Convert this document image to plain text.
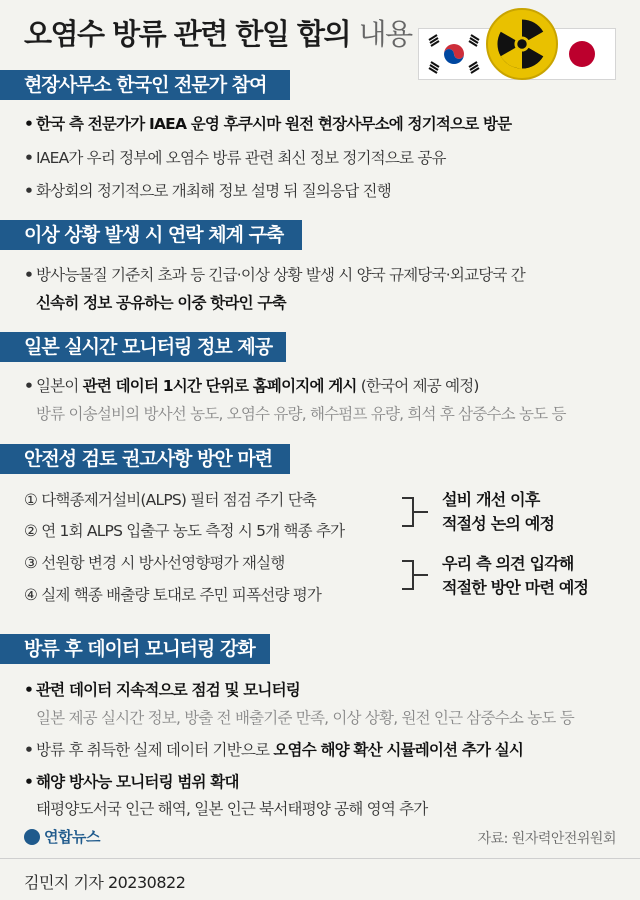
오염수 방류 관련 한일 합의 내용
현장사무소 한국인 전문가 참여
• 한국 측 전문가가 IAEA 운영 후쿠시마 원전 현장사무소에 정기적으로 방문
• IAEA가 우리 정부에 오염수 방류 관련 최신 정보 정기적으로 공유
• 화상회의 정기적으로 개최해 정보 설명 뒤 질의응답 진행
이상 상황 발생 시 연락 체계 구축
• 방사능물질 기준치 초과 등 긴급·이상 상황 발생 시 양국 규제당국·외교당국 간
신속히 정보 공유하는 이중 핫라인 구축
일본 실시간 모니터링 정보 제공
• 일본이 관련 데이터 1시간 단위로 홈페이지에 게시 (한국어 제공 예정)
방류 이송설비의 방사선 농도, 오염수 유량, 해수펌프 유량, 희석 후 삼중수소 농도 등
안전성 검토 권고사항 방안 마련
① 다핵종제거설비(ALPS) 필터 점검 주기 단축
② 연 1회 ALPS 입출구 농도 측정 시 5개 핵종 추가
③ 선원항 변경 시 방사선영향평가 재실행
④ 실제 핵종 배출량 토대로 주민 피폭선량 평가
설비 개선 이후
적절성 논의 예정
우리 측 의견 입각해
적절한 방안 마련 예정
방류 후 데이터 모니터링 강화
• 관련 데이터 지속적으로 점검 및 모니터링
일본 제공 실시간 정보, 방출 전 배출기준 만족, 이상 상황, 원전 인근 삼중수소 농도 등
• 방류 후 취득한 실제 데이터 기반으로 오염수 해양 확산 시뮬레이션 추가 실시
• 해양 방사능 모니터링 범위 확대
태평양도서국 인근 해역, 일본 인근 북서태평양 공해 영역 추가
연합뉴스	자료: 원자력안전위원회
김민지 기자 20230822
